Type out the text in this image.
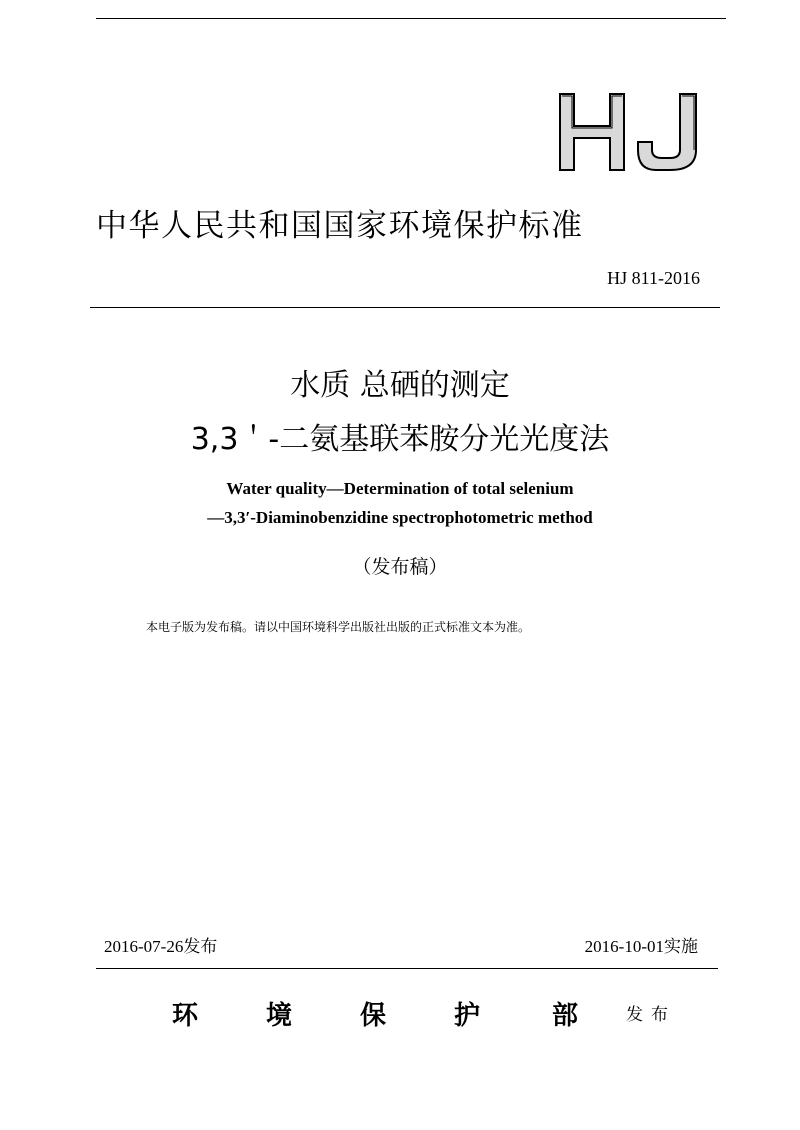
HJ
中华人民共和国国家环境保护标准
HJ 811-2016
水质 总硒的测定
3,3＇-二氨基联苯胺分光光度法
Water quality—Determination of total selenium
—3,3′-Diaminobenzidine spectrophotometric method
（发布稿）
本电子版为发布稿。请以中国环境科学出版社出版的正式标准文本为准。
2016-07-26发布	2016-10-01实施
环	境	保	护	部	发布
